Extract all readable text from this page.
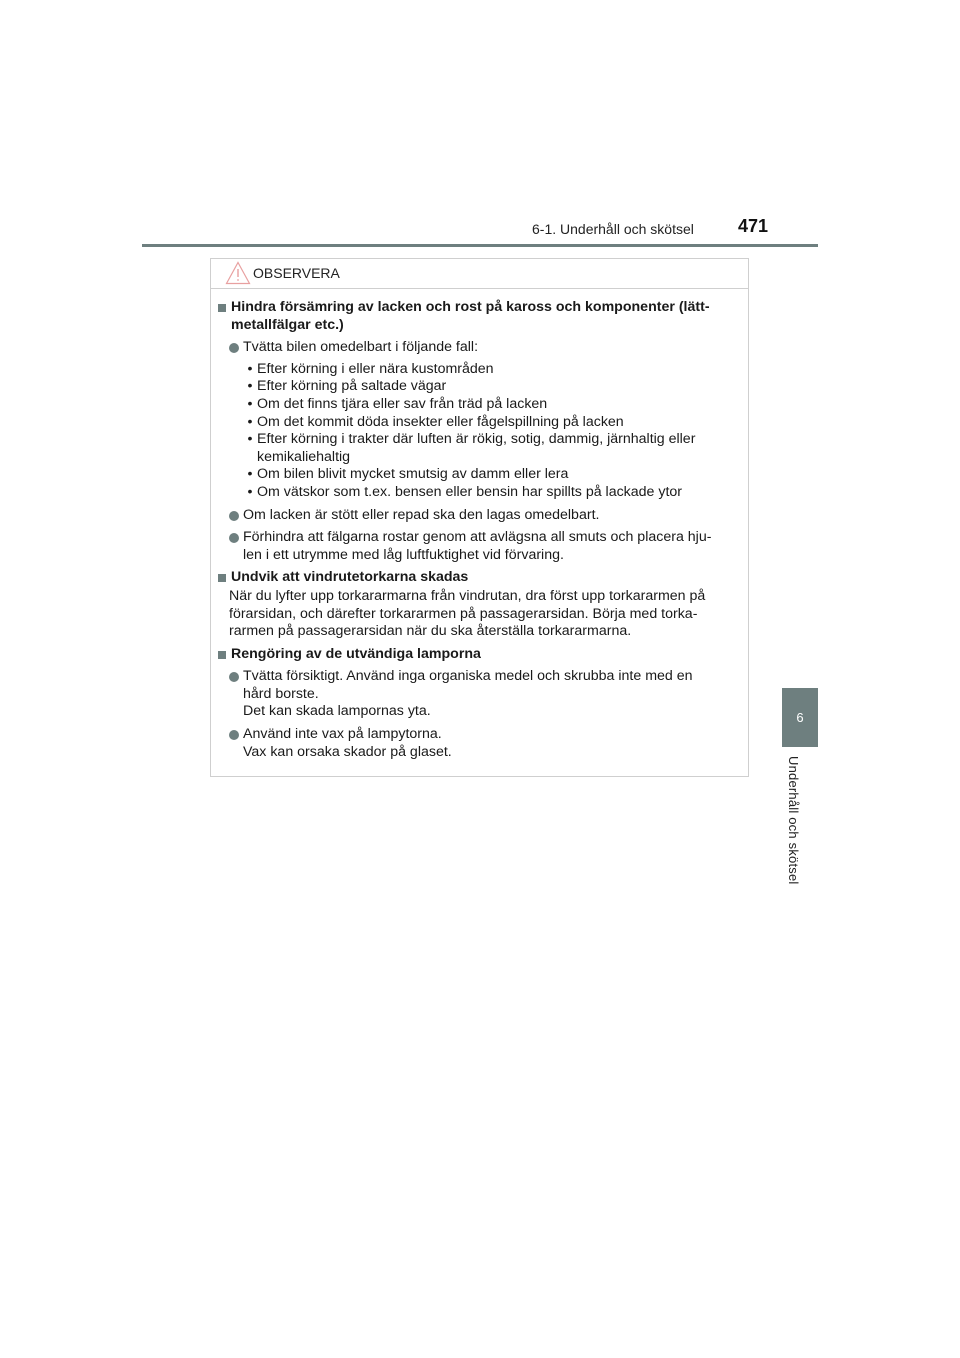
6-1. Underhåll och skötsel 471
6
Underhåll och skötsel
OBSERVERA
Hindra försämring av lacken och rost på kaross och komponenter (lätt-
metallfälgar etc.)
Tvätta bilen omedelbart i följande fall:
• Efter körning i eller nära kustområden
• Efter körning på saltade vägar
• Om det finns tjära eller sav från träd på lacken
• Om det kommit döda insekter eller fågelspillning på lacken
• Efter körning i trakter där luften är rökig, sotig, dammig, järnhaltig eller
kemikaliehaltig
• Om bilen blivit mycket smutsig av damm eller lera
• Om vätskor som t.ex. bensen eller bensin har spillts på lackade ytor
Om lacken är stött eller repad ska den lagas omedelbart.
Förhindra att fälgarna rostar genom att avlägsna all smuts och placera hju-
len i ett utrymme med låg luftfuktighet vid förvaring.
Undvik att vindrutetorkarna skadas
När du lyfter upp torkararmarna från vindrutan, dra först upp torkararmen på
förarsidan, och därefter torkararmen på passagerarsidan. Börja med torka-
rarmen på passagerarsidan när du ska återställa torkararmarna.
Rengöring av de utvändiga lamporna
Tvätta försiktigt. Använd inga organiska medel och skrubba inte med en
hård borste.
Det kan skada lampornas yta.
Använd inte vax på lampytorna.
Vax kan orsaka skador på glaset.
